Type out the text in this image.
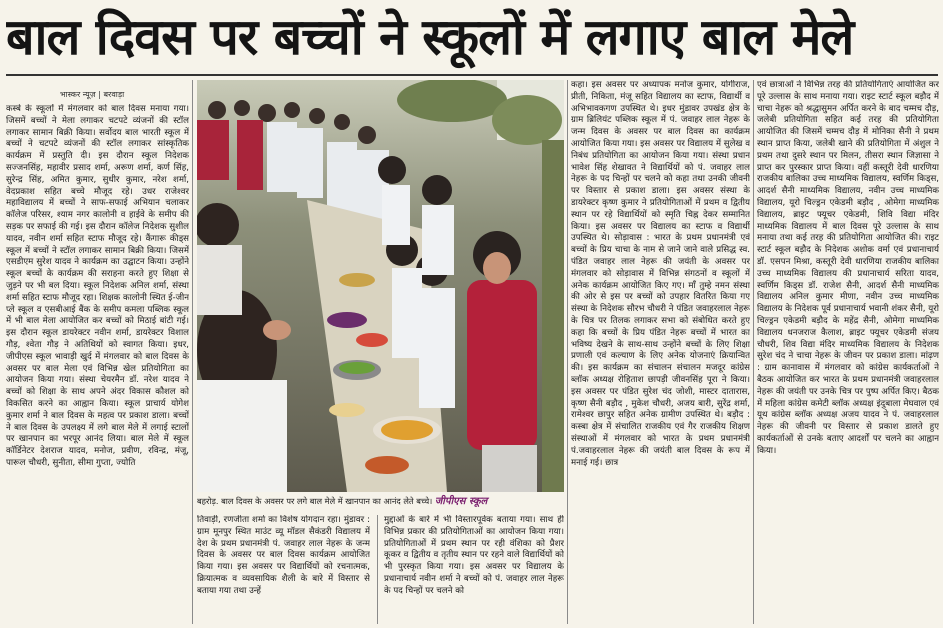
बाल दिवस पर बच्चों ने स्कूलों में लगाए बाल मेले
भास्कर न्यूज़ | बरवाड़ा

कस्बे के स्कूलों में मंगलवार को बाल दिवस मनाया गया। जिसमें बच्चों ने मेला लगाकर चटपटे व्यंजनों की स्टॉल लगाकर सामान बिक्री किया। सर्वोदय बाल भारती स्कूल में बच्चों ने चटपटे व्यंजनों की स्टॉल लगाकर सांस्कृतिक कार्यक्रम में प्रस्तुति दी। इस दौरान स्कूल निदेशक सज्जनसिंह, महावीर प्रसाद शर्मा, अरूण शर्मा, कर्ण सिंह, सुरेन्द्र सिंह, अमित कुमार, सुधीर कुमार, नरेश शर्मा, वेदप्रकाश सहित बच्चे मौजूद रहे। उधर राजेश्वर महाविद्यालय में बच्चों ने साफ-सफाई अभियान चलाकर कॉलेज परिसर, श्याम नगर कालोनी व हाईवे के समीप की सड़क पर सफाई की गई। इस दौरान कॉलेज निदेशक सुशील यादव, नवीन शर्मा सहित स्टाफ मौजूद रहे। कैंगारू कीड्स स्कूल में बच्चों ने स्टॉल लगाकर सामान बिक्री किया। जिसमें एसडीएम सुरेश यादव ने कार्यक्रम का उद्घाटन किया। उन्होंने स्कूल बच्चों के कार्यक्रम की सराहना करते हुए शिक्षा से जुड़ने पर भी बल दिया। स्कूल निदेशक अनिल शर्मा, संस्था शर्मा सहित स्टाफ मौजूद रहा। शिक्षक कालोनी स्थित ई-जीन प्ले स्कूल व एसबीआई बैंक के समीप कमला पब्लिक स्कूल में भी बाल मेला आयोजित कर बच्चों को मिठाई बांटी गई। इस दौरान स्कूल डायरेक्टर नवीन शर्मा, डायरेक्टर विशाल गौड़, श्वेता गौड़ ने अतिथियों को स्वागत किया। इधर, जीपीएस स्कूल भावाड़ी खुर्द में मंगलवार को बाल दिवस के अवसर पर बाल मेला एवं विभिन्न खेल प्रतियोगिता का आयोजन किया गया। संस्था चेयरमैन डॉ. नरेश यादव ने बच्चों को शिक्षा के साथ अपने अंदर विकास कौशल को विकसित करने का आह्वान किया। स्कूल प्राचार्य योगेश कुमार शर्मा ने बाल दिवस के महत्व पर प्रकाश डाला। बच्चों ने बाल दिवस के उपलक्ष्य में लगे बाल मेले में लगाई स्टालों पर खानपान का भरपूर आनंद लिया। बाल मेले में स्कूल कॉर्डिनेटर देशराज यादव, मनोज, प्रवीण, रविन्द्र, मंजू, पारूल चौधरी, सुनीता, सीमा गुप्ता, ज्योति

बहरोड़. बाल दिवस के अवसर पर लगे बाल मेले में खानपान का आनंद लेते बच्चे। जीपीएस स्कूल

तिवाड़ी, रणजीता शर्मा का विशेष योगदान रहा। मुंडावर : ग्राम मूनपुर स्थित माउंट व्यू मॉडल सैकंडरी विद्यालय में देश के प्रथम प्रधानमंत्री पं. जवाहर लाल नेहरू के जन्म दिवस के अवसर पर बाल दिवस कार्यक्रम आयोजित किया गया। इस अवसर पर विद्यार्थियों को रचनात्मक, क्रियात्मक व व्यवसायिक शैली के बारे में विस्तार से बताया गया तथा उन्हें

मुद्दाओं के बारे में भी विस्तारपूर्वक बताया गया। साथ ही विभिन्न प्रकार की प्रतियोगिताओं का आयोजन किया गया। प्रतियोगिताओं में प्रथम स्थान पर रही वंशिका को प्रैशर कूकर व द्वितीय व तृतीय स्थान पर रहने वाले विद्यार्थियों को भी पुरस्कृत किया गया। इस अवसर पर विद्यालय के प्रधानाचार्य नवीन शर्मा ने बच्चों को पं. जवाहर लाल नेहरू के पद चिन्हों पर चलने को

कहा। इस अवसर पर अध्यापक मनोज कुमार, योगीराज, प्रीती, निकिता, मंजू सहित विद्यालय का स्टाफ, विद्यार्थी व अभिभावकगण उपस्थित थे। इधर मुंडावर उपखंड क्षेत्र के ग्राम ब्रिलियंट पब्लिक स्कूल में पं. जवाहर लाल नेहरू के जन्म दिवस के अवसर पर बाल दिवस का कार्यक्रम आयोजित किया गया। इस अवसर पर विद्यालय में सुलेख व निबंध प्रतियोगिता का आयोजन किया गया। संस्था प्रधान भावेश सिंह शेखावत ने विद्यार्थियों को पं. जवाहर लाल नेहरू के पद चिन्हों पर चलने को कहा तथा उनकी जीवनी पर विस्तार से प्रकाश डाला। इस अवसर संस्था के डायरेक्टर कृष्ण कुमार ने प्रतियोगिताओं में प्रथम व द्वितीय स्थान पर रहे विद्यार्थियों को स्मृति चिह्न देकर सम्मानित किया। इस अवसर पर विद्यालय का स्टाफ व विद्यार्थी उपस्थित थे। सोड़ावास : भारत के प्रथम प्रधानमंत्री एवं बच्चों के प्रिय चाचा के नाम से जाने जाने वाले प्रसिद्ध स्व. पंडित जवाहर लाल नेहरू की जयंती के अवसर पर मंगलवार को सोड़ावास में विभिन्न संगठनों व स्कूलों में अनेक कार्यक्रम आयोजित किए गए। माँ तुम्हे नमन संस्था की ओर से इस पर बच्चों को उपहार वितरित किया गए संस्था के निदेशक सौरभ चौधरी ने पंडित जवाहरलाल नेहरू के चित्र पर तिलक लगाकर सभा को संबोधित करते हुए कहा कि बच्चों के प्रिय पंडित नेहरू बच्चों में भारत का भविष्य देखने के साथ-साथ उन्होंने बच्चों के लिए शिक्षा प्रणाली एवं कल्याण के लिए अनेक योजनाएं क्रियान्वित की। इस कार्यक्रम का संचालन संचालन मजदूर कांग्रेस ब्लॉक अध्यक्ष रोहिताश छापड़ी जीवनसिंह पूरा ने किया। इस अवसर पर पंडित सुरेश चंद जोशी, मास्टर दातारास, कृष्ण सैनी बड़ौद , मुकेश चौधरी, अजय बारी, सुरेंद्र शर्मा, रामेश्वर छापुर सहित अनेक ग्रामीण उपस्थित थे। बड़ौद : कस्बा क्षेत्र में संचालित राजकीय एवं गैर राजकीय शिक्षण संस्थाओं में मंगलवार को भारत के प्रथम प्रधानमंत्री पं.जवाहरलाल नेहरू की जयंती बाल दिवस के रूप में मनाई गई। छात्र

एवं छात्राओं ने विभिन्न तरह की प्रतियोगिताएं आयोजित कर पूरे उल्लास के साथ मनाया गया। राइट स्टार्ट स्कूल बड़ौद में चाचा नेहरू को श्रद्धासुमन अर्पित करने के बाद चम्मच दौड़, जलेबी प्रतियोगिता सहित कई तरह की प्रतियोगिता आयोजित की जिसमें चम्मच दौड़ में मोनिका सैनी ने प्रथम स्थान प्राप्त किया, जलेबी खाने की प्रतियोगिता में अंशुल ने प्रथम तथा दुसरे स्थान पर मिलन, तीसरा स्थान जिज्ञासा ने प्राप्त कर पुरस्कार प्राप्त किया। वहीं कस्तूरी देवी धारणिया राजकीय बालिका उच्च माध्यमिक विद्यालय, स्वर्णिम किड्स, आदर्श सैनी माध्यमिक विद्यालय, नवीन उच्च माध्यमिक विद्यालय, यूरो चिल्ड्रन एकेडमी बड़ौद , ओमेगा माध्यमिक विद्यालय, ब्राइट फ्यूचर एकेडमी, शिवि विद्या मंदिर माध्यमिक विद्यालय में बाल दिवस पूरे उल्लास के साथ मनाया तथा कई तरह की प्रतियोगिता आयोजित की। राइट स्टार्ट स्कूल बड़ौद के निदेशक अशोक वर्मा एवं प्रधानाचार्य डॉ. एसपन मिश्रा, कस्तूरी देवी धारणिया राजकीय बालिका उच्च माध्यमिक विद्यालय की प्रधानाचार्य सरिता यादव, स्वर्णिम किड्स डॉ. राजेश सैनी, आदर्श सैनी माध्यमिक विद्यालय अनिल कुमार मीणा, नवीन उच्च माध्यमिक विद्यालय के निदेशक पूर्व प्रधानाचार्य भवानी शंकर सैनी, यूरो चिल्ड्रन एकेडमी बड़ौद के महेंद्र सैनी, ओमेगा माध्यमिक विद्यालय धनजराज कैलाश, ब्राइट फ्यूचर एकेडमी संजय चौधरी, शिव विद्या मंदिर माध्यमिक विद्यालय के निदेशक सुरेश चंद ने चाचा नेहरू के जीवन पर प्रकाश डाला। मांढ़ण : ग्राम कानावास में मंगलवार को कांग्रेस कार्यकर्ताओं ने बैठक आयोजित कर भारत के प्रथम प्रधानमंत्री जवाहरलाल नेहरू की जयंती पर उनके चित्र पर पुष्प अर्पित किए। बैठक में महिला कांग्रेस कमेटी ब्लॉक अध्यक्ष इंदुबाला मेघवाल एवं यूथ कांग्रेस ब्लॉक अध्यक्ष अजय यादव ने पं. जवाहरलाल नेहरू की जीवनी पर विस्तार से प्रकाश डालते हुए कार्यकर्ताओं से उनके बताए आदर्शों पर चलने का आह्वान किया।
